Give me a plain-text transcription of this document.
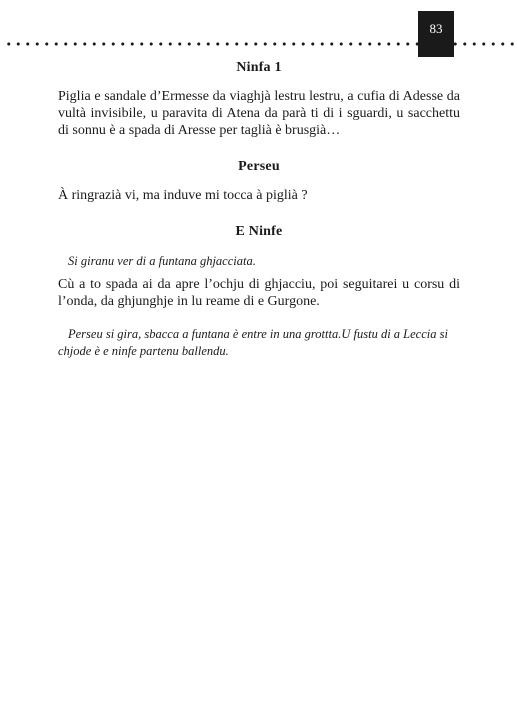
83

Ninfa 1

Piglia e sandale d’Ermesse da viaghjà lestru lestru, a cufia di Adesse da vultà invisibile, u paravita di Atena da parà ti di i sguardi, u sacchettu di sonnu è a spada di Aresse per taglià è brusgià…

Perseu

À ringrazià vi, ma induve mi tocca à piglià ?

E Ninfe

Si giranu ver di a funtana ghjacciata.

Cù a to spada ai da apre l’ochju di ghjacciu, poi seguitarei u corsu di l’onda, da ghjunghje in lu reame di e Gurgone.

Perseu si gira, sbacca a funtana è entre in una grottta.U fustu di a Leccia si chjode è e ninfe partenu ballendu.
